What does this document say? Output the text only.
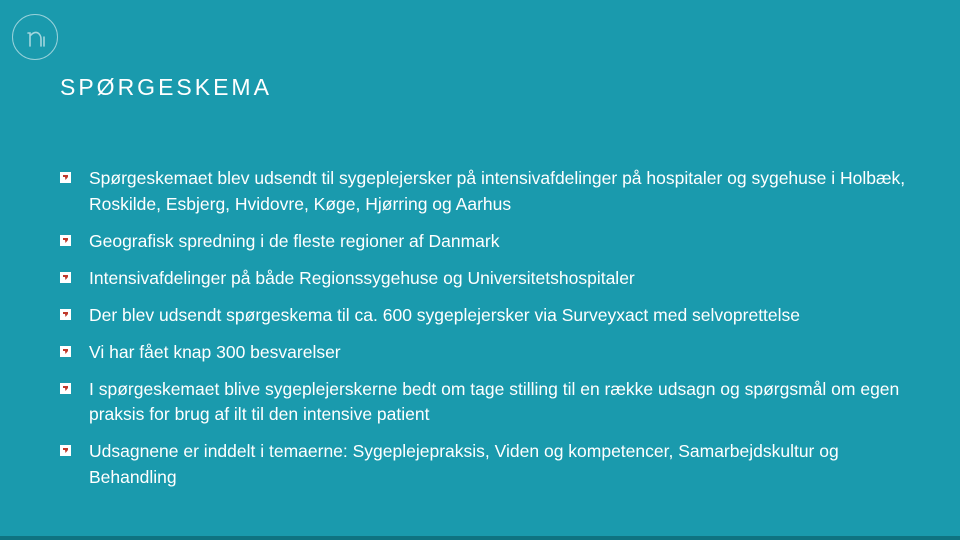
SPØRGESKEMA
Spørgeskemaet blev udsendt til sygeplejersker på intensivafdelinger på hospitaler og sygehuse i Holbæk, Roskilde, Esbjerg, Hvidovre, Køge, Hjørring og Aarhus
Geografisk spredning i de fleste regioner af Danmark
Intensivafdelinger på både Regionssygehuse og Universitetshospitaler
Der blev udsendt spørgeskema til ca. 600 sygeplejersker via Surveyxact med selvoprettelse
Vi har fået knap 300 besvarelser
I spørgeskemaet blive sygeplejerskerne bedt om tage stilling til en række udsagn og spørgsmål om egen praksis for brug af ilt til den intensive patient
Udsagnene er inddelt i temaerne: Sygeplejepraksis, Viden og kompetencer, Samarbejdskultur og Behandling
